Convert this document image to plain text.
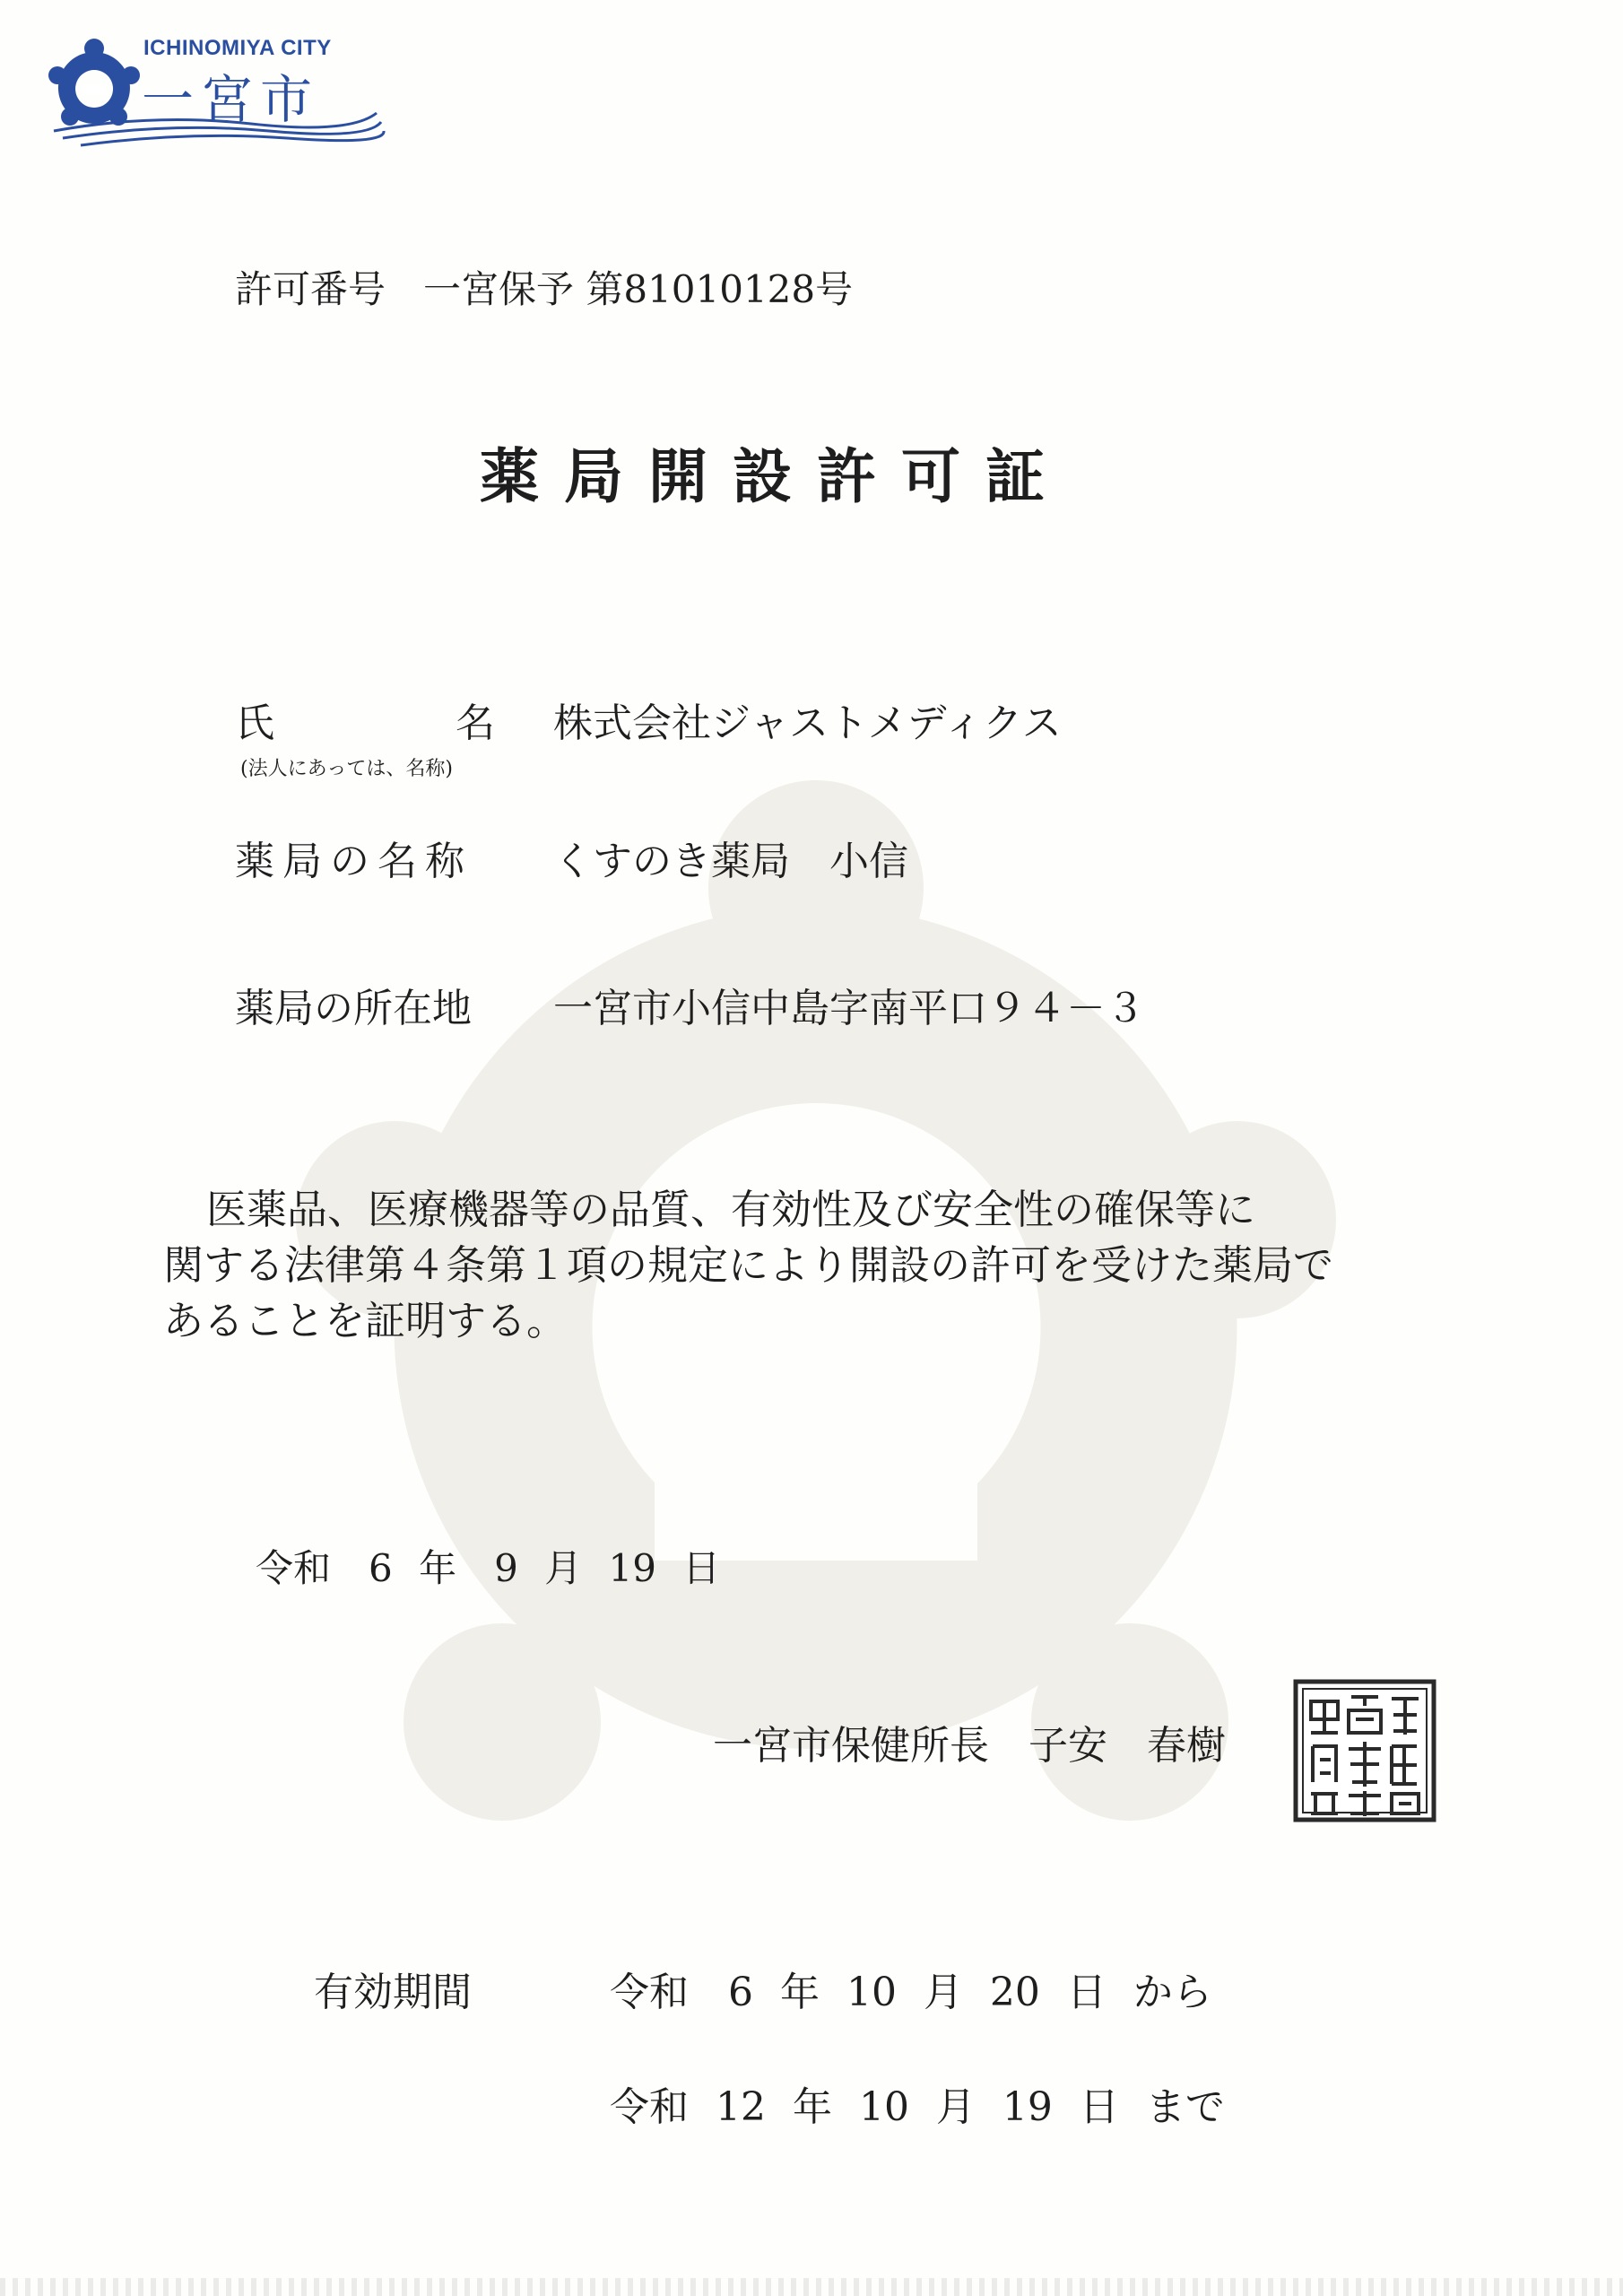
ICHINOMIYA CITY
一宮市
許可番号　一宮保予 第81010128号
薬局開設許可証
氏	名 株式会社ジャストメディクス
(法人にあっては、名称)
薬局の名称 くすのき薬局　小信
薬局の所在地 一宮市小信中島字南平口９４－３
医薬品、医療機器等の品質、有効性及び安全性の確保等に
関する法律第４条第１項の規定により開設の許可を受けた薬局で
あることを証明する。
令和　6 年　9 月 19 日
一宮市保健所長　子安　春樹
有効期間	令和　6 年 10 月 20 日 から
令和 12 年 10 月 19 日 まで
